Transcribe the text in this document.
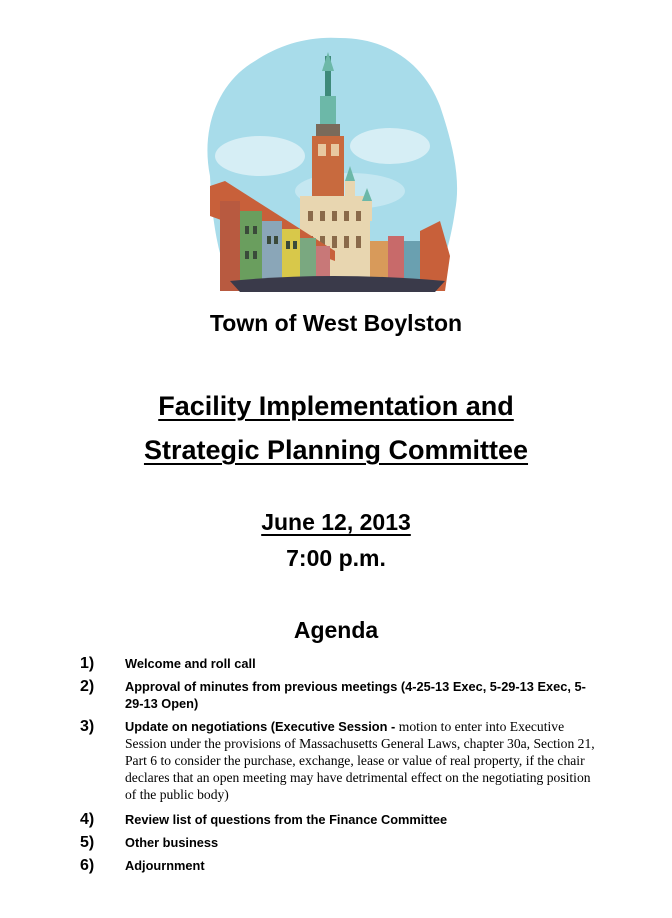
Town of West Boylston
Facility Implementation and
Strategic Planning Committee
June 12, 2013
7:00 p.m.
Agenda
1) Welcome and roll call
2) Approval of minutes from previous meetings (4-25-13 Exec, 5-29-13 Exec, 5-29-13 Open)
3) Update on negotiations (Executive Session - motion to enter into Executive Session under the provisions of Massachusetts General Laws, chapter 30a, Section 21, Part 6 to consider the purchase, exchange, lease or value of real property, if the chair declares that an open meeting may have detrimental effect on the negotiating position of the public body)
4) Review list of questions from the Finance Committee
5) Other business
6) Adjournment
